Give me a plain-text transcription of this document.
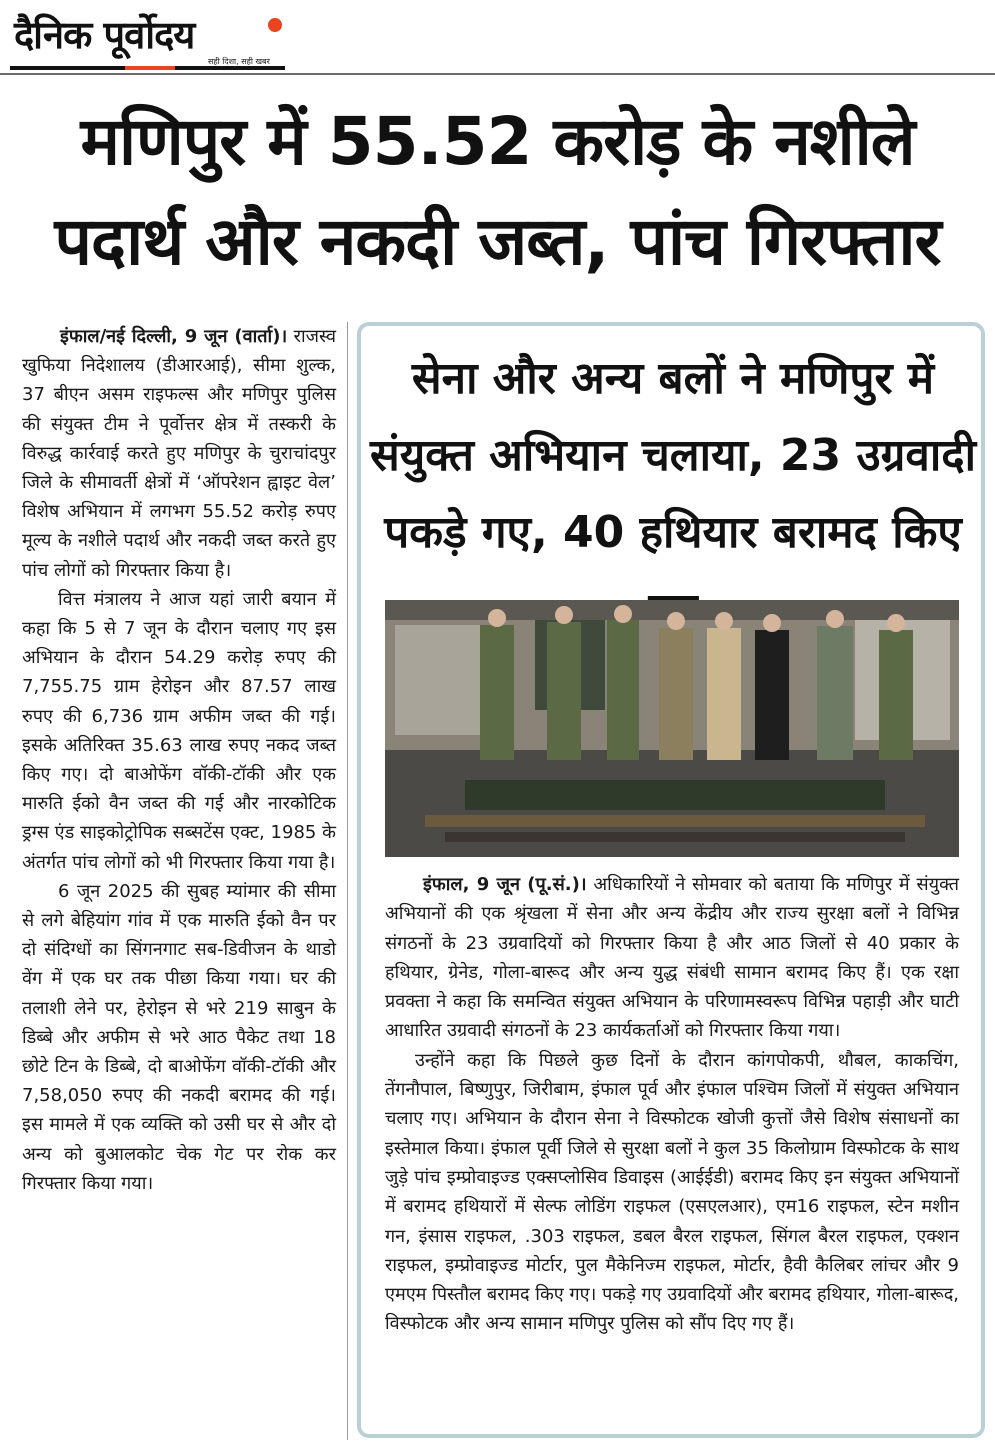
दैनिक पूर्वोदय
सही दिशा, सही खबर
मणिपुर में 55.52 करोड़ के नशीले
पदार्थ और नकदी जब्त, पांच गिरफ्तार

इंफाल/नई दिल्ली, 9 जून (वार्ता)। राजस्व खुफिया निदेशालय (डीआरआई), सीमा शुल्क, 37 बीएन असम राइफल्स और मणिपुर पुलिस की संयुक्त टीम ने पूर्वोत्तर क्षेत्र में तस्करी के विरुद्ध कार्रवाई करते हुए मणिपुर के चुराचांदपुर जिले के सीमावर्ती क्षेत्रों में ‘ऑपरेशन ह्वाइट वेल’ विशेष अभियान में लगभग 55.52 करोड़ रुपए मूल्य के नशीले पदार्थ और नकदी जब्त करते हुए पांच लोगों को गिरफ्तार किया है।

वित्त मंत्रालय ने आज यहां जारी बयान में कहा कि 5 से 7 जून के दौरान चलाए गए इस अभियान के दौरान 54.29 करोड़ रुपए की 7,755.75 ग्राम हेरोइन और 87.57 लाख रुपए की 6,736 ग्राम अफीम जब्त की गई। इसके अतिरिक्त 35.63 लाख रुपए नकद जब्त किए गए। दो बाओफेंग वॉकी-टॉकी और एक मारुति ईको वैन जब्त की गई और नारकोटिक ड्रग्स एंड साइकोट्रोपिक सब्सटेंस एक्ट, 1985 के अंतर्गत पांच लोगों को भी गिरफ्तार किया गया है।

6 जून 2025 की सुबह म्यांमार की सीमा से लगे बेहियांग गांव में एक मारुति ईको वैन पर दो संदिग्धों का सिंगनगाट सब-डिवीजन के थाडो वेंग में एक घर तक पीछा किया गया। घर की तलाशी लेने पर, हेरोइन से भरे 219 साबुन के डिब्बे और अफीम से भरे आठ पैकेट तथा 18 छोटे टिन के डिब्बे, दो बाओफेंग वॉकी-टॉकी और 7,58,050 रुपए की नकदी बरामद की गई। इस मामले में एक व्यक्ति को उसी घर से और दो अन्य को बुआलकोट चेक गेट पर रोक कर गिरफ्तार किया गया।

सेना और अन्य बलों ने मणिपुर में
संयुक्त अभियान चलाया, 23 उग्रवादी
पकड़े गए, 40 हथियार बरामद किए

इंफाल, 9 जून (पू.सं.)। अधिकारियों ने सोमवार को बताया कि मणिपुर में संयुक्त अभियानों की एक श्रृंखला में सेना और अन्य केंद्रीय और राज्य सुरक्षा बलों ने विभिन्न संगठनों के 23 उग्रवादियों को गिरफ्तार किया है और आठ जिलों से 40 प्रकार के हथियार, ग्रेनेड, गोला-बारूद और अन्य युद्ध संबंधी सामान बरामद किए हैं। एक रक्षा प्रवक्ता ने कहा कि समन्वित संयुक्त अभियान के परिणामस्वरूप विभिन्न पहाड़ी और घाटी आधारित उग्रवादी संगठनों के 23 कार्यकर्ताओं को गिरफ्तार किया गया।

उन्होंने कहा कि पिछले कुछ दिनों के दौरान कांगपोकपी, थौबल, काकचिंग, तेंगनौपाल, बिष्णुपुर, जिरीबाम, इंफाल पूर्व और इंफाल पश्चिम जिलों में संयुक्त अभियान चलाए गए। अभियान के दौरान सेना ने विस्फोटक खोजी कुत्तों जैसे विशेष संसाधनों का इस्तेमाल किया। इंफाल पूर्वी जिले से सुरक्षा बलों ने कुल 35 किलोग्राम विस्फोटक के साथ जुड़े पांच इम्प्रोवाइज्ड एक्सप्लोसिव डिवाइस (आईईडी) बरामद किए इन संयुक्त अभियानों में बरामद हथियारों में सेल्फ लोडिंग राइफल (एसएलआर), एम16 राइफल, स्टेन मशीन गन, इंसास राइफल, .303 राइफल, डबल बैरल राइफल, सिंगल बैरल राइफल, एक्शन राइफल, इम्प्रोवाइज्ड मोर्टार, पुल मैकेनिज्म राइफल, मोर्टार, हैवी कैलिबर लांचर और 9 एमएम पिस्तौल बरामद किए गए। पकड़े गए उग्रवादियों और बरामद हथियार, गोला-बारूद, विस्फोटक और अन्य सामान मणिपुर पुलिस को सौंप दिए गए हैं।
